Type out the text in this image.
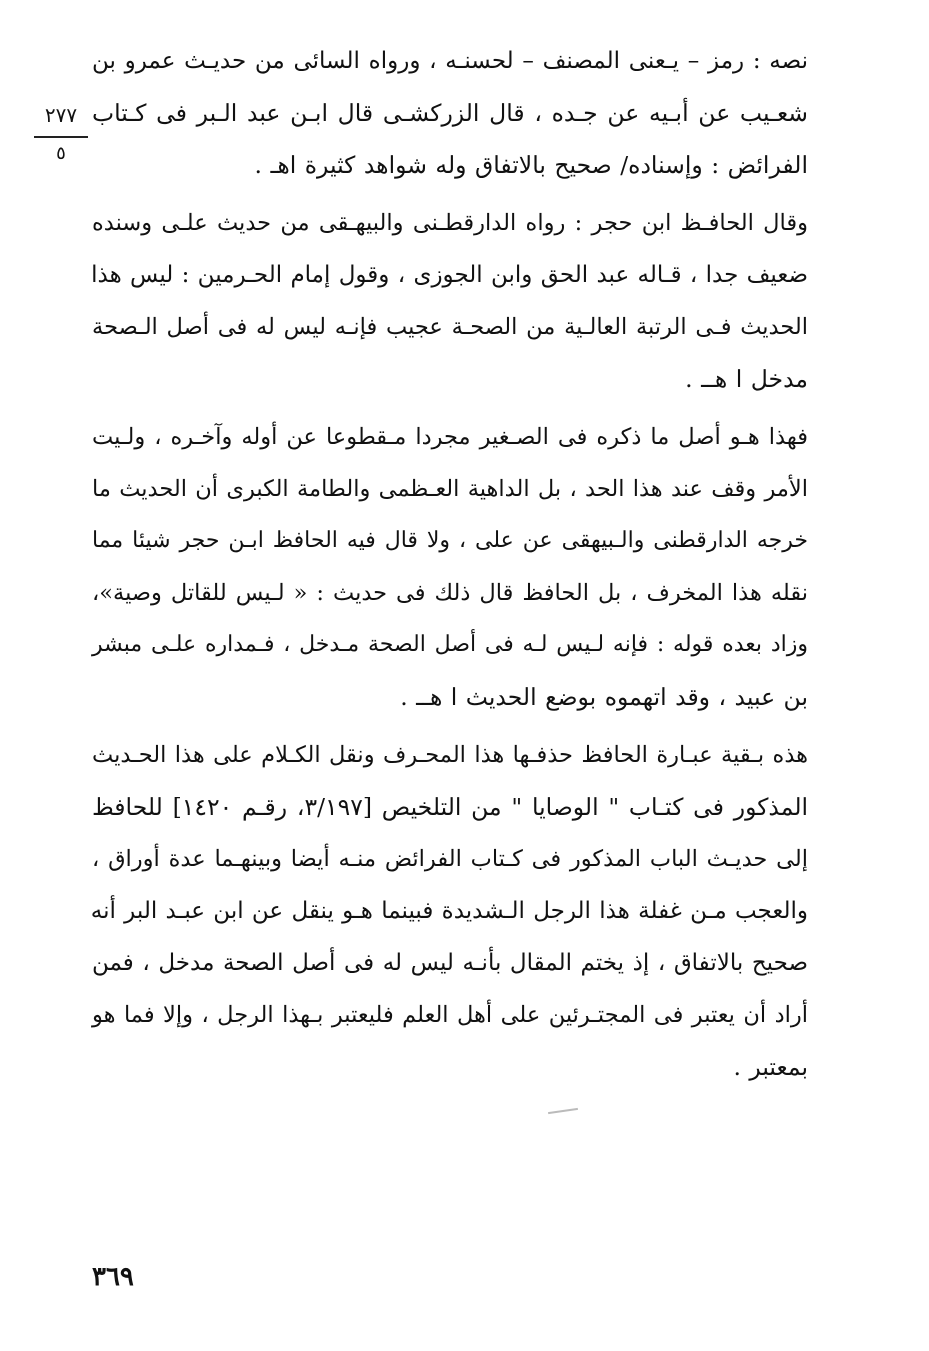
٢٧٧
٥
نصه : رمز – يـعنى المصنف – لحسنـه ، ورواه السائى من حديـث عمرو بن
شعـيب عن أبـيه عن جـده ، قال الزركشـى قال ابـن عبد الـبر فى كـتاب
الفرائض : وإسناده/ صحيح بالاتفاق وله شواهد كثيرة اهـ .
وقال الحافـظ ابن حجر : رواه الدارقطـنى والبيهـقى من حديث علـى وسنده
ضعيف جدا ، قـاله عبد الحق وابن الجوزى ، وقول إمام الحـرمين : ليس هذا
الحديث فـى الرتبة العالـية من الصحـة عجيب فإنـه ليس له فى أصل الـصحة
مدخل ا هــ .
فهذا هـو أصل ما ذكره فى الصـغير مجردا مـقطوعا عن أوله وآخـره ، ولـيت
الأمر وقف عند هذا الحد ، بل الداهية العـظمى والطامة الكبرى أن الحديث ما
خرجه الدارقطنى والـبيهقى عن على ، ولا قال فيه الحافظ ابـن حجر شيئا مما
نقله هذا المخرف ، بل الحافظ قال ذلك فى حديث : « لـيس للقاتل وصية»،
وزاد بعده قوله : فإنه لـيس لـه فى أصل الصحة مـدخل ، فـمداره علـى مبشر
بن عبيد ، وقد اتهموه بوضع الحديث ا هــ .
هذه بـقية عبـارة الحافظ حذفـها هذا المحـرف ونقل الكـلام على هذا الحـديث
المذكور فى كتـاب " الوصايا " من التلخيص [٣/١٩٧، رقـم ١٤٢٠] للحافظ
إلى حديـث الباب المذكور فى كـتاب الفرائض منـه أيضا وبينهـما عدة أوراق ،
والعجب مـن غفلة هذا الرجل الـشديدة فبينما هـو ينقل عن ابن عبـد البر أنه
صحيح بالاتفاق ، إذ يختم المقال بأنـه ليس له فى أصل الصحة مدخل ، فمن
أراد أن يعتبر فى المجتـرئين على أهل العلم فليعتبر بـهذا الرجل ، وإلا فما هو
بمعتبر .
٣٦٩
